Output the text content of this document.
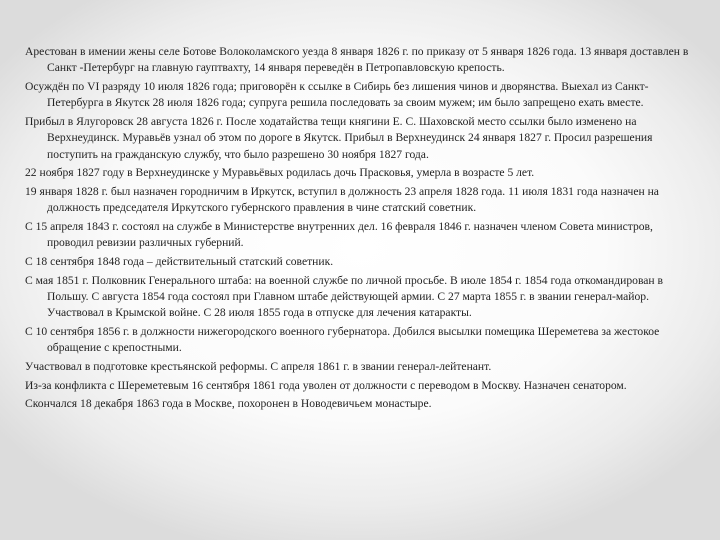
Арестован в имении жены селе Ботове Волоколамского уезда 8 января 1826 г. по приказу от 5 января 1826 года. 13 января доставлен в Санкт -Петербург на главную гауптвахту, 14 января переведён в Петропавловскую крепость.

Осуждён по VI разряду 10 июля 1826 года; приговорён к ссылке в Сибирь без лишения чинов и дворянства. Выехал из Санкт-Петербурга в Якутск 28 июля 1826 года; супруга решила последовать за своим мужем; им было запрещено ехать вместе.

Прибыл в Ялугоровск 28 августа 1826 г. После ходатайства тещи княгини Е. С. Шаховской место ссылки было изменено на Верхнеудинск. Муравьёв узнал об этом по дороге в Якутск. Прибыл в Верхнеудинск 24 января 1827 г. Просил разрешения поступить на гражданскую службу, что было разрешено 30 ноября 1827 года.

22 ноября 1827 году в Верхнеудинске у Муравьёвых родилась дочь Прасковья, умерла в возрасте 5 лет.

19 января 1828 г. был назначен городничим в Иркутск, вступил в должность 23 апреля 1828 года. 11 июля 1831 года назначен на должность председателя Иркутского губернского правления в чине статский советник.

С 15 апреля 1843 г. состоял на службе в Министерстве внутренних дел. 16 февраля 1846 г. назначен членом Совета министров, проводил ревизии различных губерний.

С 18 сентября 1848 года – действительный статский советник.

С мая 1851 г. Полковник Генерального штаба: на военной службе по личной просьбе. В июле 1854 г. 1854 года откомандирован в Польшу. С августа 1854 года состоял при Главном штабе действующей армии. С 27 марта 1855 г. в звании генерал-майор. Участвовал в Крымской войне. С 28 июля 1855 года в отпуске для лечения катаракты.

С 10 сентября 1856 г. в должности нижегородского военного губернатора. Добился высылки помещика Шереметева за жестокое обращение с крепостными.

Участвовал в подготовке крестьянской реформы. С апреля 1861 г. в звании генерал-лейтенант.

Из-за конфликта с Шереметевым 16 сентября 1861 года уволен от должности с переводом в Москву. Назначен сенатором.

Скончался 18 декабря 1863 года в Москве, похоронен в Новодевичьем монастыре.
